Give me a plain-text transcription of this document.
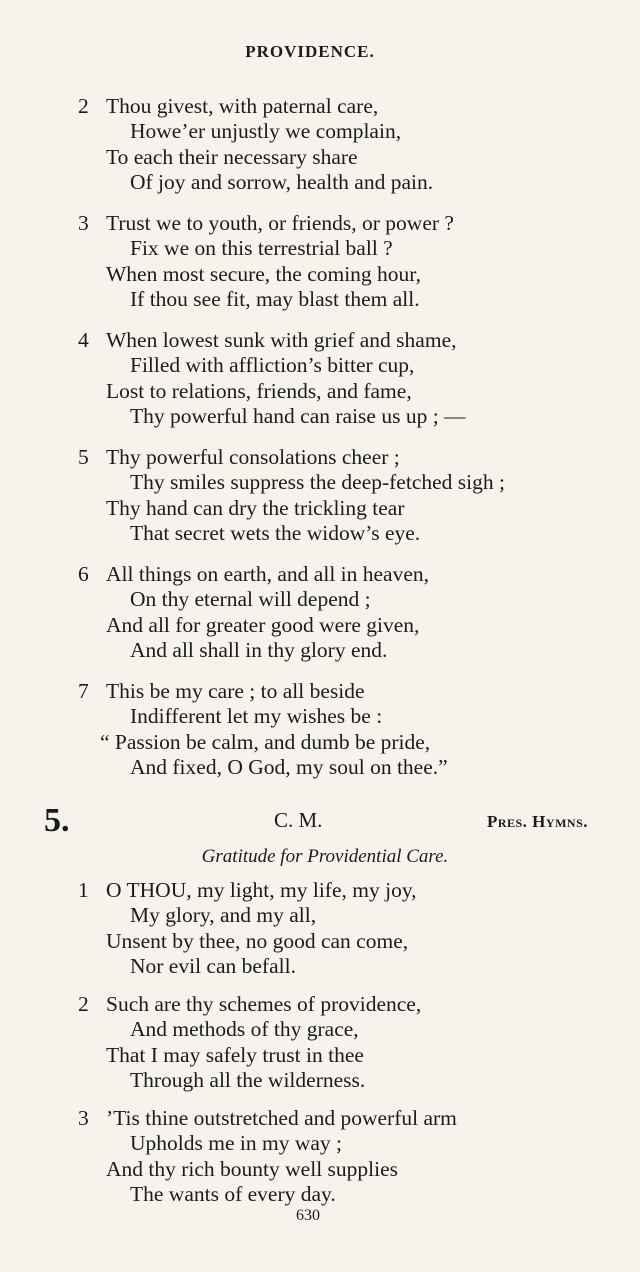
PROVIDENCE.
2 Thou givest, with paternal care,
Howe’er unjustly we complain,
To each their necessary share
Of joy and sorrow, health and pain.
3 Trust we to youth, or friends, or power ?
Fix we on this terrestrial ball ?
When most secure, the coming hour,
If thou see fit, may blast them all.
4 When lowest sunk with grief and shame,
Filled with affliction’s bitter cup,
Lost to relations, friends, and fame,
Thy powerful hand can raise us up ; —
5 Thy powerful consolations cheer ;
Thy smiles suppress the deep-fetched sigh ;
Thy hand can dry the trickling tear
That secret wets the widow’s eye.
6 All things on earth, and all in heaven,
On thy eternal will depend ;
And all for greater good were given,
And all shall in thy glory end.
7 This be my care ; to all beside
Indifferent let my wishes be :
“ Passion be calm, and dumb be pride,
And fixed, O God, my soul on thee.”
5.	C. M.	Pres. Hymns.
Gratitude for Providential Care.
1 O THOU, my light, my life, my joy,
My glory, and my all,
Unsent by thee, no good can come,
Nor evil can befall.
2 Such are thy schemes of providence,
And methods of thy grace,
That I may safely trust in thee
Through all the wilderness.
3 ’Tis thine outstretched and powerful arm
Upholds me in my way ;
And thy rich bounty well supplies
The wants of every day.
630
